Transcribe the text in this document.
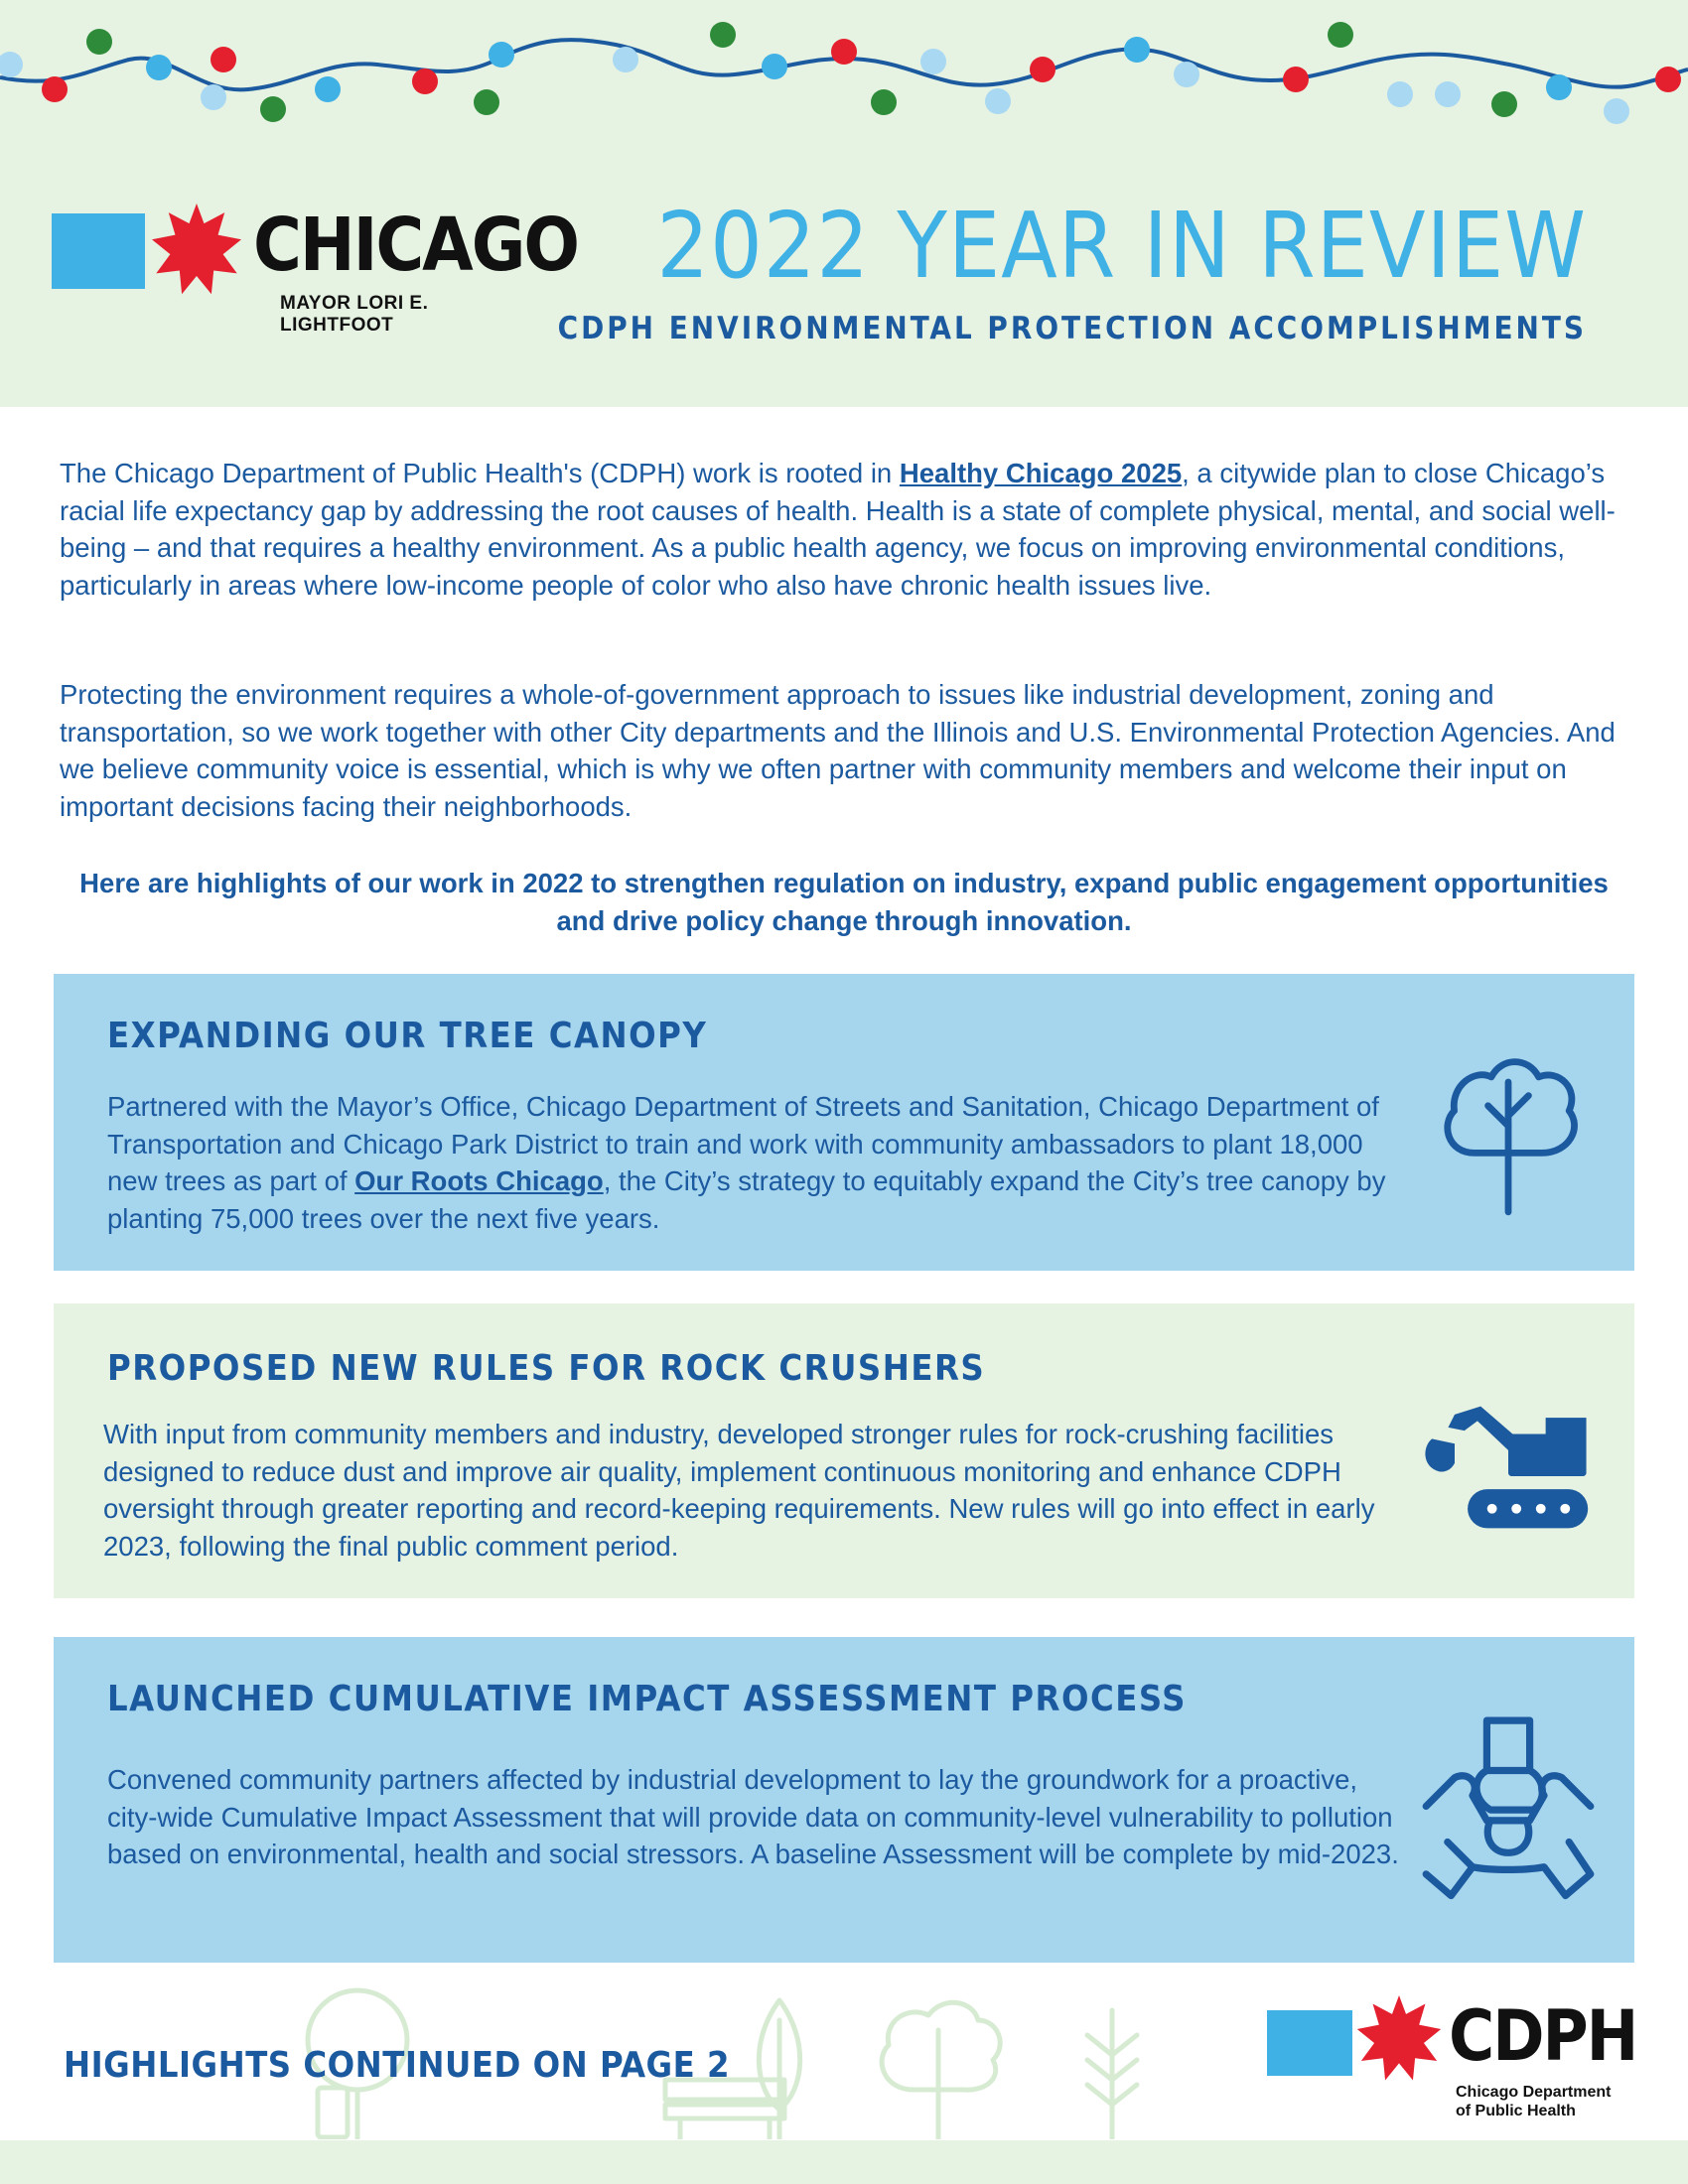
CHICAGO
MAYOR LORI E. LIGHTFOOT
2022 YEAR IN REVIEW
CDPH ENVIRONMENTAL PROTECTION ACCOMPLISHMENTS
The Chicago Department of Public Health's (CDPH) work is rooted in Healthy Chicago 2025, a citywide plan to close Chicago’s racial life expectancy gap by addressing the root causes of health. Health is a state of complete physical, mental, and social well-being – and that requires a healthy environment. As a public health agency, we focus on improving environmental conditions, particularly in areas where low-income people of color who also have chronic health issues live.
Protecting the environment requires a whole-of-government approach to issues like industrial development, zoning and transportation, so we work together with other City departments and the Illinois and U.S. Environmental Protection Agencies. And we believe community voice is essential, which is why we often partner with community members and welcome their input on important decisions facing their neighborhoods.
Here are highlights of our work in 2022 to strengthen regulation on industry, expand public engagement opportunities and drive policy change through innovation.
EXPANDING OUR TREE CANOPY
Partnered with the Mayor’s Office, Chicago Department of Streets and Sanitation, Chicago Department of Transportation and Chicago Park District to train and work with community ambassadors to plant 18,000 new trees as part of Our Roots Chicago, the City’s strategy to equitably expand the City’s tree canopy by planting 75,000 trees over the next five years.
PROPOSED NEW RULES FOR ROCK CRUSHERS
With input from community members and industry, developed stronger rules for rock-crushing facilities designed to reduce dust and improve air quality, implement continuous monitoring and enhance CDPH oversight through greater reporting and record-keeping requirements. New rules will go into effect in early 2023, following the final public comment period.
LAUNCHED CUMULATIVE IMPACT ASSESSMENT PROCESS
Convened community partners affected by industrial development to lay the groundwork for a proactive, city-wide Cumulative Impact Assessment that will provide data on community-level vulnerability to pollution based on environmental, health and social stressors. A baseline Assessment will be complete by mid-2023.
HIGHLIGHTS CONTINUED ON PAGE 2	CDPH
Chicago Department
of Public Health
